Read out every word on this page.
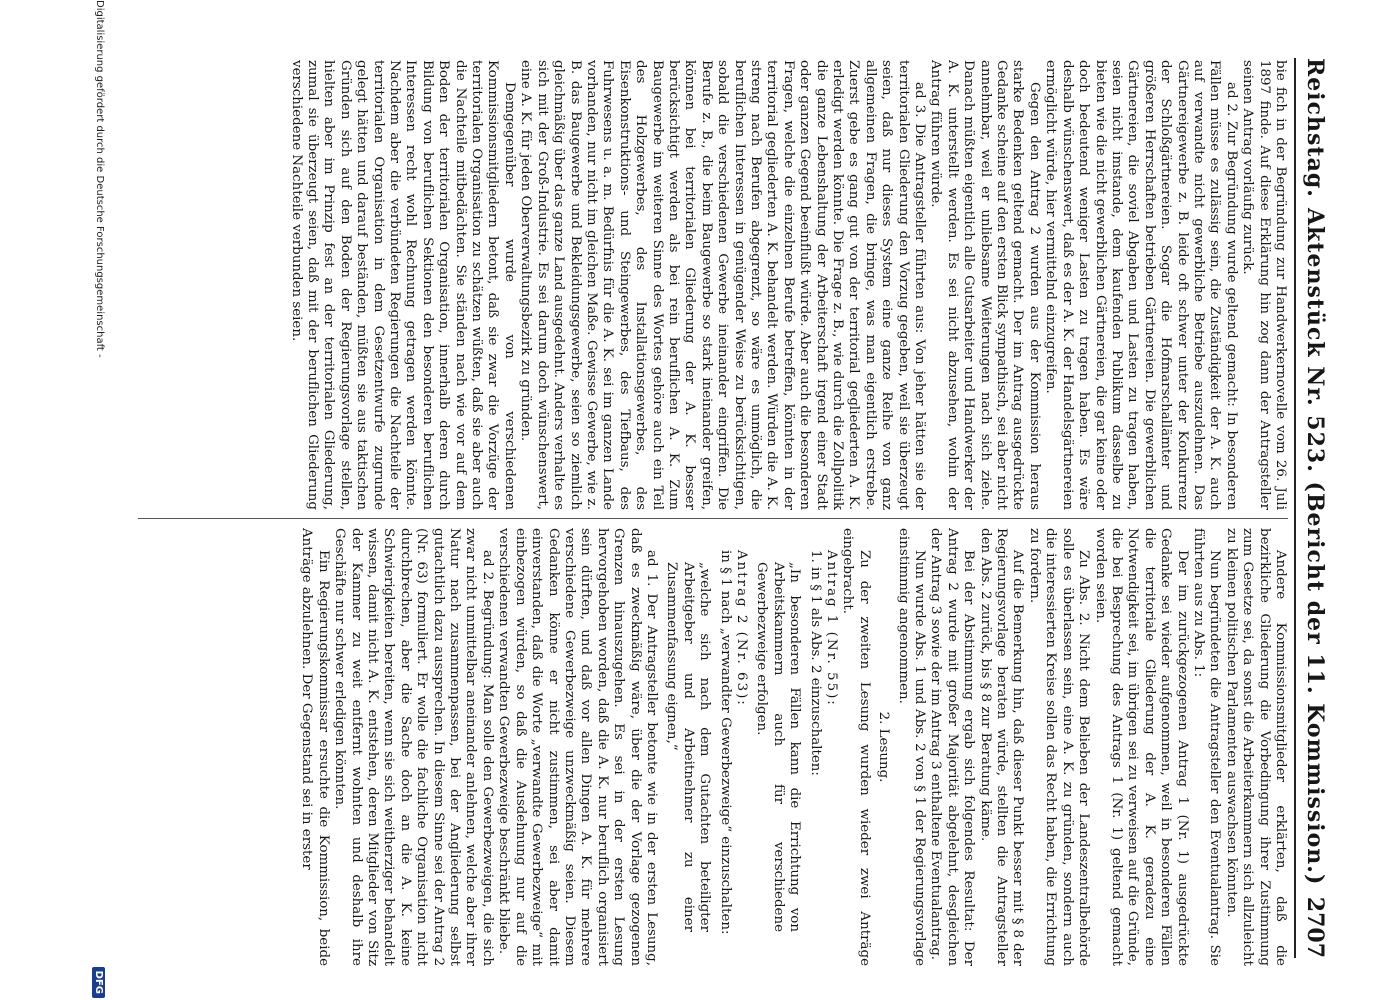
Reichstag.
Aktenstück Nr. 523. (Bericht der 11. Kommission.)
2707

bie fich in der Begründung zur Handwerkernovelle vom 26. Juli 1897 finde. Auf diese Erklärung hin zog dann der Antragsteller seinen Antrag vorläufig zurück.

ad 2. Zur Begründung wurde geltend gemacht: In besonderen Fällen müsse es zulässig sein, die Zuständigkeit der A. K. auch auf verwandte nicht gewerbliche Betriebe auszudehnen. Das Gärtnereigewerbe z. B. leide oft schwer unter der Konkurrenz der Schloßgärtnereien. Sogar die Hofmarschallämter und größeren Herrschaften betrieben Gärtnereien. Die gewerblichen Gärtnereien, die soviel Abgaben und Lasten zu tragen haben, seien nicht imstande, dem kaufenden Publikum dasselbe zu bieten wie die nicht gewerblichen Gärtnereien, die gar keine oder doch bedeutend weniger Lasten zu tragen haben. Es wäre deshalb wünschenswert, daß es der A. K. der Handelsgärtnereien ermöglicht würde, hier vermittelnd einzugreifen.

Gegen den Antrag 2 wurden aus der Kommission heraus starke Bedenken geltend gemacht. Der im Antrag ausgedrückte Gedanke scheine auf den ersten Blick sympathisch, sei aber nicht annehmbar, weil er unliebsame Weiterungen nach sich ziehe. Danach müßten eigentlich alle Gutsarbeiter und Handwerker der A. K. unterstellt werden. Es sei nicht abzusehen, wohin der Antrag führen würde.

ad 3. Die Antragsteller führten aus: Von jeher hätten sie der territorialen Gliederung den Vorzug gegeben, weil sie überzeugt seien, daß nur dieses System eine ganze Reihe von ganz allgemeinen Fragen, die bringe, was man eigentlich erstrebe. Zuerst gebe es gang gut von der territorial gegliederten A. K. erledigt werden könnte. Die Frage z. B., wie durch die Zollpolitik die ganze Lebenshaltung der Arbeiterschaft irgend einer Stadt oder ganzen Gegend beeinflußt würde. Aber auch die besonderen Fragen, welche die einzelnen Berufe betreffen, könnten in der territorial gegliederten A. K. behandelt werden. Würden die A. K. streng nach Berufen abgegrenzt, so wäre es unmöglich, die beruflichen Interessen in genügender Weise zu berücksichtigen, sobald die verschiedenen Gewerbe ineinander eingriffen. Die Berufe z. B., die beim Baugewerbe so stark ineinander greifen, können bei territorialen Gliederung der A. K. besser berücksichtigt werden als bei rein beruflichen A. K. Zum Baugewerbe im weiteren Sinne des Wortes gehöre auch ein Teil des Holzgewerbes, des Installationsgewerbes, des Eisenkonstruktions- und Steingewerbes, des Tiefbaus, des Fuhrwesens u. a. m. Bedürfnis für die A. K. sei im ganzen Lande vorhanden, nur nicht im gleichen Maße. Gewisse Gewerbe, wie z. B. das Baugewerbe und Bekleidungsgewerbe, seien so ziemlich gleichmäßig über das ganze Land ausgedehnt. Anders verhalte es sich mit der Groß-Industrie. Es sei darum doch wünschenswert, eine A. K. für jeden Oberverwaltungsbezirk zu gründen.

Demgegenüber wurde von verschiedenen Kommissionsmitgliedern betont, daß sie zwar die Vorzüge der territorialen Organisation zu schätzen wüßten, daß sie aber auch die Nachteile mitbedächten. Sie ständen nach wie vor auf dem Boden der territorialen Organisation, innerhalb deren durch Bildung von beruflichen Sektionen den besonderen beruflichen Interessen recht wohl Rechnung getragen werden könnte. Nachdem aber die verbündeten Regierungen die Nachteile der territorialen Organisation in dem Gesetzentwurfe zugrunde gelegt hätten und darauf beständen, müßten sie aus taktischen Gründen sich auf den Boden der Regierungsvorlage stellen, hielten aber im Prinzip fest an der territorialen Gliederung, zumal sie überzeugt seien, daß mit der beruflichen Gliederung verschiedene Nachteile verbunden seien.

Andere Kommissionsmitglieder erklärten, daß die bezirkliche Gliederung die Vorbedingung ihrer Zustimmung zum Gesetze sei, da sonst die Arbeiterkammern sich allzuleicht zu kleinen politischen Parlamenten auswachsen könnten.

Nun begründeten die Antragsteller den Eventualantrag. Sie führten aus zu Abs. 1:

Der im zurückgezogenen Antrag 1 (Nr. 1) ausgedrückte Gedanke sei wieder aufgenommen, weil in besonderen Fällen die territoriale Gliederung der A. K. geradezu eine Notwendigkeit sei, im übrigen sei zu verweisen auf die Gründe, die bei Besprechung des Antrags 1 (Nr. 1) geltend gemacht worden seien.

Zu Abs. 2. Nicht dem Belieben der Landeszentralbehörde solle es überlassen sein, eine A. K. zu gründen, sondern auch die interessierten Kreise sollen das Recht haben, die Errichtung zu fordern.

Auf die Bemerkung hin, daß dieser Punkt besser mit § 8 der Regierungsvorlage beraten würde, stellten die Antragsteller den Abs. 2 zurück, bis § 8 zur Beratung käme.

Bei der Abstimmung ergab sich folgendes Resultat: Der Antrag 2 wurde mit großer Majorität abgelehnt, desgleichen der Antrag 3 sowie der im Antrag 3 enthaltene Eventualantrag.

Nun wurde Abs. 1 und Abs. 2 von § 1 der Regierungsvorlage einstimmig angenommen.

2. Lesung.

Zu der zweiten Lesung wurden wieder zwei Anträge eingebracht.

Antrag 1 (Nr. 55):

1. in § 1 als Abs. 2 einzuschalten:

„In besonderen Fällen kann die Errichtung von Arbeitskammern auch für verschiedene Gewerbezweige erfolgen.

Antrag 2 (Nr. 63):

in § 1 nach „verwandter Gewerbezweige“ einzuschalten:

„welche sich nach dem Gutachten beteiligter Arbeitgeber und Arbeitnehmer zu einer Zusammenfassung eignen,“

ad 1. Der Antragsteller betonte wie in der ersten Lesung, daß es zweckmäßig wäre, über die der Vorlage gezogenen Grenzen hinauszugehen. Es sei in der ersten Lesung hervorgehoben worden, daß die A. K. nur beruflich organisiert sein dürften, und daß vor allen Dingen A. K. für mehrere verschiedene Gewerbezweige unzweckmäßig seien. Diesem Gedanken könne er nicht zustimmen, sei aber damit einverstanden, daß die Worte „verwandte Gewerbezweige“ mit einbezogen würden, so daß die Ausdehnung nur auf die verschiedenen verwandten Gewerbezweige beschränkt bliebe.

ad 2. Begründung: Man solle den Gewerbezweigen, die sich zwar nicht unmittelbar aneinander anlehnen, welche aber ihrer Natur nach zusammenpassen, bei der Angliederung selbst gutachtlich dazu aussprechen. In diesem Sinne sei der Antrag 2 (Nr. 63) formuliert. Er wolle die fachliche Organisation nicht durchbrechen, aber die Sache doch an die A. K. keine Schwierigkeiten bereiten, wenn sie sich weitherziger behandelt wissen, damit nicht A. K. entstehen, deren Mitglieder von Sitz der Kammer zu weit entfernt wohnten und deshalb ihre Geschäfte nur schwer erledigen könnten.

Ein Regierungskommissar ersuchte die Kommission, beide Anträge abzulehnen. Der Gegenstand sei in erster

Digitalisierung gefördert durch die Deutsche Forschungsgemeinschaft -
DFG
